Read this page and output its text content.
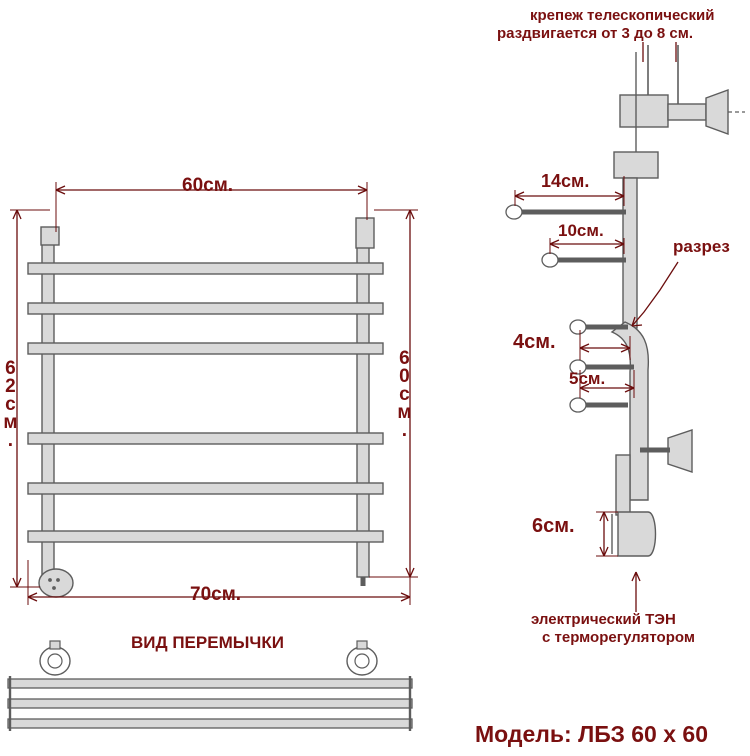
крепеж телескопический
раздвигается от 3 до 8 см.
60см.
62см.	60см.
70см.
14см.
10см.
4см.
5см.
6см.
разрез
электрический ТЭН
с терморегулятором
ВИД ПЕРЕМЫЧКИ
Модель: ЛБЗ 60 х 60
